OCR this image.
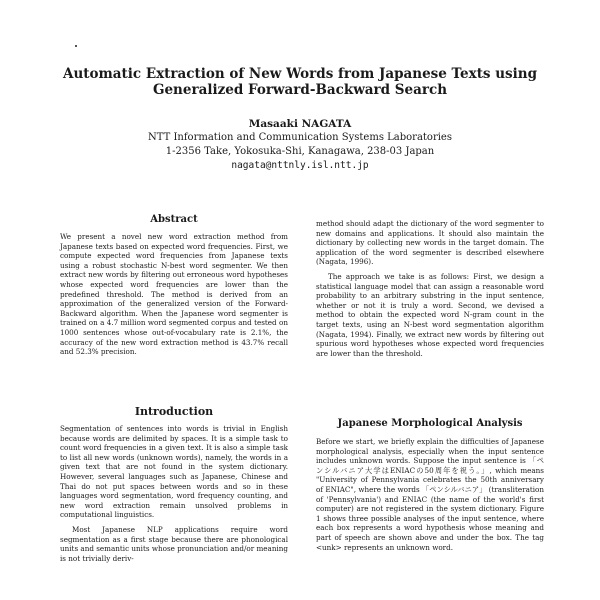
Automatic Extraction of New Words from Japanese Texts using
Generalized Forward-Backward Search
Masaaki NAGATA
NTT Information and Communication Systems Laboratories
1-2356 Take, Yokosuka-Shi, Kanagawa, 238-03 Japan
nagata@nttnly.isl.ntt.jp
Abstract

We present a novel new word extraction method from Japanese texts based on expected word frequencies. First, we compute expected word frequencies from Japanese texts using a robust stochastic N-best word segmenter. We then extract new words by filtering out erroneous word hypotheses whose expected word frequencies are lower than the predefined threshold. The method is derived from an approximation of the generalized version of the Forward-Backward algorithm. When the Japanese word segmenter is trained on a 4.7 million word segmented corpus and tested on 1000 sentences whose out-of-vocabulary rate is 2.1%, the accuracy of the new word extraction method is 43.7% recall and 52.3% precision.

Introduction

Segmentation of sentences into words is trivial in English because words are delimited by spaces. It is a simple task to count word frequencies in a given text. It is also a simple task to list all new words (unknown words), namely, the words in a given text that are not found in the system dictionary. However, several languages such as Japanese, Chinese and Thai do not put spaces between words and so in these languages word segmentation, word frequency counting, and new word extraction remain unsolved problems in computational linguistics.

Most Japanese NLP applications require word segmentation as a first stage because there are phonological units and semantic units whose pronunciation and/or meaning is not trivially deriv-

method should adapt the dictionary of the word segmenter to new domains and applications. It should also maintain the dictionary by collecting new words in the target domain. The application of the word segmenter is described elsewhere (Nagata, 1996).

The approach we take is as follows: First, we design a statistical language model that can assign a reasonable word probability to an arbitrary substring in the input sentence, whether or not it is truly a word. Second, we devised a method to obtain the expected word N-gram count in the target texts, using an N-best word segmentation algorithm (Nagata, 1994). Finally, we extract new words by filtering out spurious word hypotheses whose expected word frequencies are lower than the threshold.

Japanese Morphological Analysis

Before we start, we briefly explain the difficulties of Japanese morphological analysis, especially when the input sentence includes unknown words. Suppose the input sentence is 「ペンシルバニア大学はENIACの50周年を祝う。」, which means "University of Pennsylvania celebrates the 50th anniversary of ENIAC", where the words 「ペンシルバニア」 (transliteration of 'Pennsylvania') and ENIAC (the name of the world's first computer) are not registered in the system dictionary. Figure 1 shows three possible analyses of the input sentence, where each box represents a word hypothesis whose meaning and part of speech are shown above and under the box. The tag <unk> represents an unknown word.
